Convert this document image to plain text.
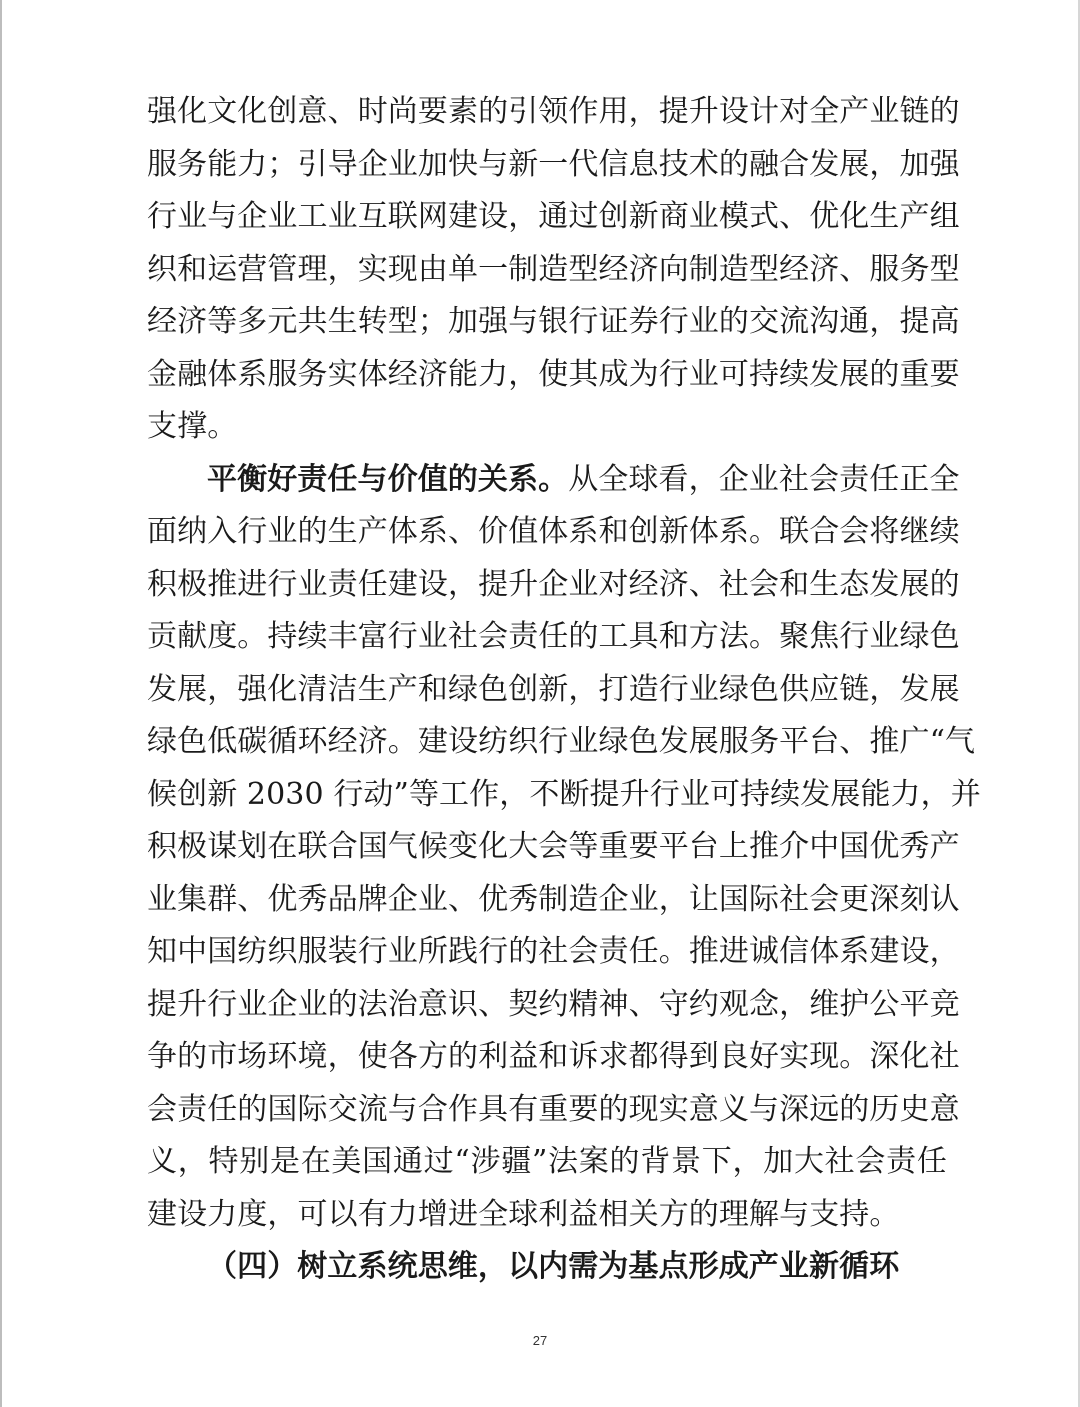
强化文化创意、时尚要素的引领作用，提升设计对全产业链的
服务能力；引导企业加快与新一代信息技术的融合发展，加强
行业与企业工业互联网建设，通过创新商业模式、优化生产组
织和运营管理，实现由单一制造型经济向制造型经济、服务型
经济等多元共生转型；加强与银行证券行业的交流沟通，提高
金融体系服务实体经济能力，使其成为行业可持续发展的重要
支撑。
平衡好责任与价值的关系。从全球看，企业社会责任正全
面纳入行业的生产体系、价值体系和创新体系。联合会将继续
积极推进行业责任建设，提升企业对经济、社会和生态发展的
贡献度。持续丰富行业社会责任的工具和方法。聚焦行业绿色
发展，强化清洁生产和绿色创新，打造行业绿色供应链，发展
绿色低碳循环经济。建设纺织行业绿色发展服务平台、推广“气
候创新 2030 行动”等工作，不断提升行业可持续发展能力，并
积极谋划在联合国气候变化大会等重要平台上推介中国优秀产
业集群、优秀品牌企业、优秀制造企业，让国际社会更深刻认
知中国纺织服装行业所践行的社会责任。推进诚信体系建设，
提升行业企业的法治意识、契约精神、守约观念，维护公平竞
争的市场环境，使各方的利益和诉求都得到良好实现。深化社
会责任的国际交流与合作具有重要的现实意义与深远的历史意
义，特别是在美国通过“涉疆”法案的背景下，加大社会责任
建设力度，可以有力增进全球利益相关方的理解与支持。
（四）树立系统思维，以内需为基点形成产业新循环
27
